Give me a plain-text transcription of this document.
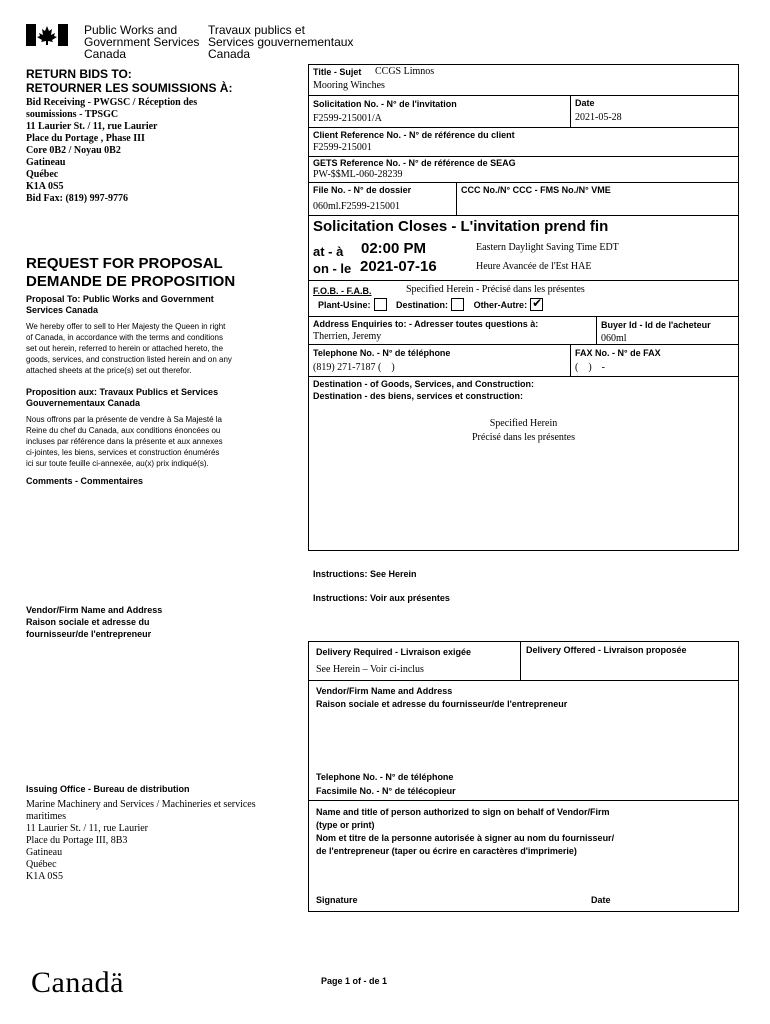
Public Works and
Government Services
Canada
Travaux publics et
Services gouvernementaux
Canada
RETURN BIDS TO:
RETOURNER LES SOUMISSIONS À:
Bid Receiving - PWGSC / Réception des
soumissions - TPSGC
11 Laurier St. / 11, rue Laurier
Place du Portage , Phase III
Core 0B2 / Noyau 0B2
Gatineau
Québec
K1A 0S5
Bid Fax: (819) 997-9776
REQUEST FOR PROPOSAL
DEMANDE DE PROPOSITION
Proposal To: Public Works and Government
Services Canada
We hereby offer to sell to Her Majesty the Queen in right
of Canada, in accordance with the terms and conditions
set out herein, referred to herein or attached hereto, the
goods, services, and construction listed herein and on any
attached sheets at the price(s) set out therefor.
Proposition aux: Travaux Publics et Services
Gouvernementaux Canada
Nous offrons par la présente de vendre à Sa Majesté la
Reine du chef du Canada, aux conditions énoncées ou
incluses par référence dans la présente et aux annexes
ci-jointes, les biens, services et construction énumérés
ici sur toute feuille ci-annexée, au(x) prix indiqué(s).
Comments - Commentaires
Vendor/Firm Name and Address
Raison sociale et adresse du
fournisseur/de l'entrepreneur
Issuing Office - Bureau de distribution
Marine Machinery and Services / Machineries et services
maritimes
11 Laurier St. / 11, rue Laurier
Place du Portage III, 8B3
Gatineau
Québec
K1A 0S5
Title - Sujet CCGS Limnos
Mooring Winches
Solicitation No. - N° de l'invitation
F2599-215001/A
Date
2021-05-28
Client Reference No. - N° de référence du client
F2599-215001
GETS Reference No. - N° de référence de SEAG
PW-$$ML-060-28239
File No. - N° de dossier
060ml.F2599-215001
CCC No./N° CCC - FMS No./N° VME
Solicitation Closes - L'invitation prend fin
at - à 02:00 PM
on - le 2021-07-16
Eastern Daylight Saving Time EDT
Heure Avancée de l'Est HAE
F.O.B. - F.A.B.	Specified Herein - Précisé dans les présentes
Plant-Usine:	Destination:	Other-Autre: ✔
Address Enquiries to: - Adresser toutes questions à:
Therrien, Jeremy
Buyer Id - Id de l'acheteur
060ml
Telephone No. - N° de téléphone
(819) 271-7187 (    )
FAX No. - N° de FAX
(    )    -
Destination - of Goods, Services, and Construction:
Destination - des biens, services et construction:
Specified Herein
Précisé dans les présentes
Instructions: See Herein
Instructions: Voir aux présentes
Delivery Required - Livraison exigée
See Herein – Voir ci-inclus
Delivery Offered - Livraison proposée
Vendor/Firm Name and Address
Raison sociale et adresse du fournisseur/de l'entrepreneur
Telephone No. - N° de téléphone
Facsimile No. - N° de télécopieur
Name and title of person authorized to sign on behalf of Vendor/Firm
(type or print)
Nom et titre de la personne autorisée à signer au nom du fournisseur/
de l'entrepreneur (taper ou écrire en caractères d'imprimerie)
Signature	Date
Canadä	Page 1 of - de 1
